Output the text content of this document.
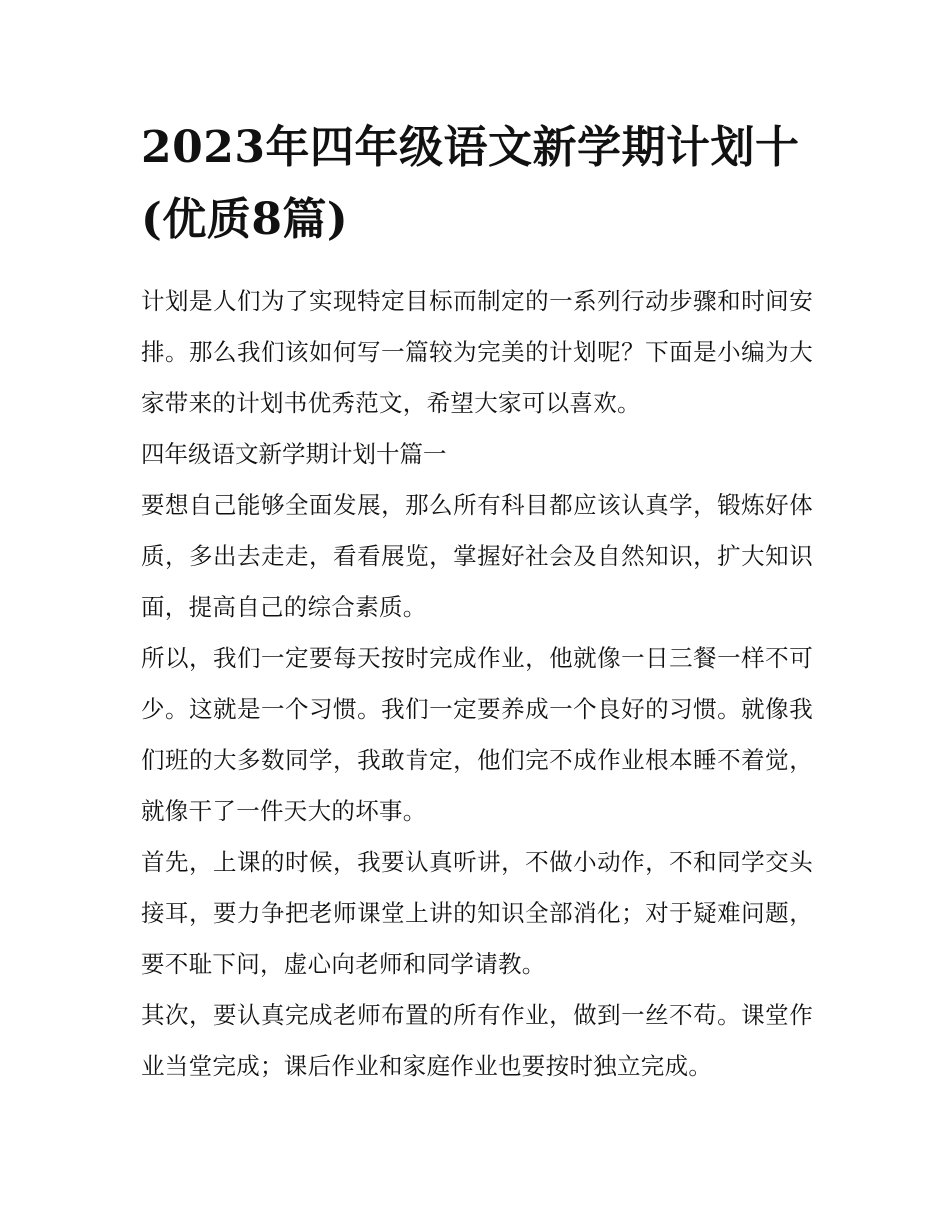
2023年四年级语文新学期计划十(优质8篇)

计划是人们为了实现特定目标而制定的一系列行动步骤和时间安排。那么我们该如何写一篇较为完美的计划呢？下面是小编为大家带来的计划书优秀范文，希望大家可以喜欢。

四年级语文新学期计划十篇一

要想自己能够全面发展，那么所有科目都应该认真学，锻炼好体质，多出去走走，看看展览，掌握好社会及自然知识，扩大知识面，提高自己的综合素质。

所以，我们一定要每天按时完成作业，他就像一日三餐一样不可少。这就是一个习惯。我们一定要养成一个良好的习惯。就像我们班的大多数同学，我敢肯定，他们完不成作业根本睡不着觉，就像干了一件天大的坏事。

首先，上课的时候，我要认真听讲，不做小动作，不和同学交头接耳，要力争把老师课堂上讲的知识全部消化；对于疑难问题，要不耻下问，虚心向老师和同学请教。

其次，要认真完成老师布置的所有作业，做到一丝不苟。课堂作业当堂完成；课后作业和家庭作业也要按时独立完成。
